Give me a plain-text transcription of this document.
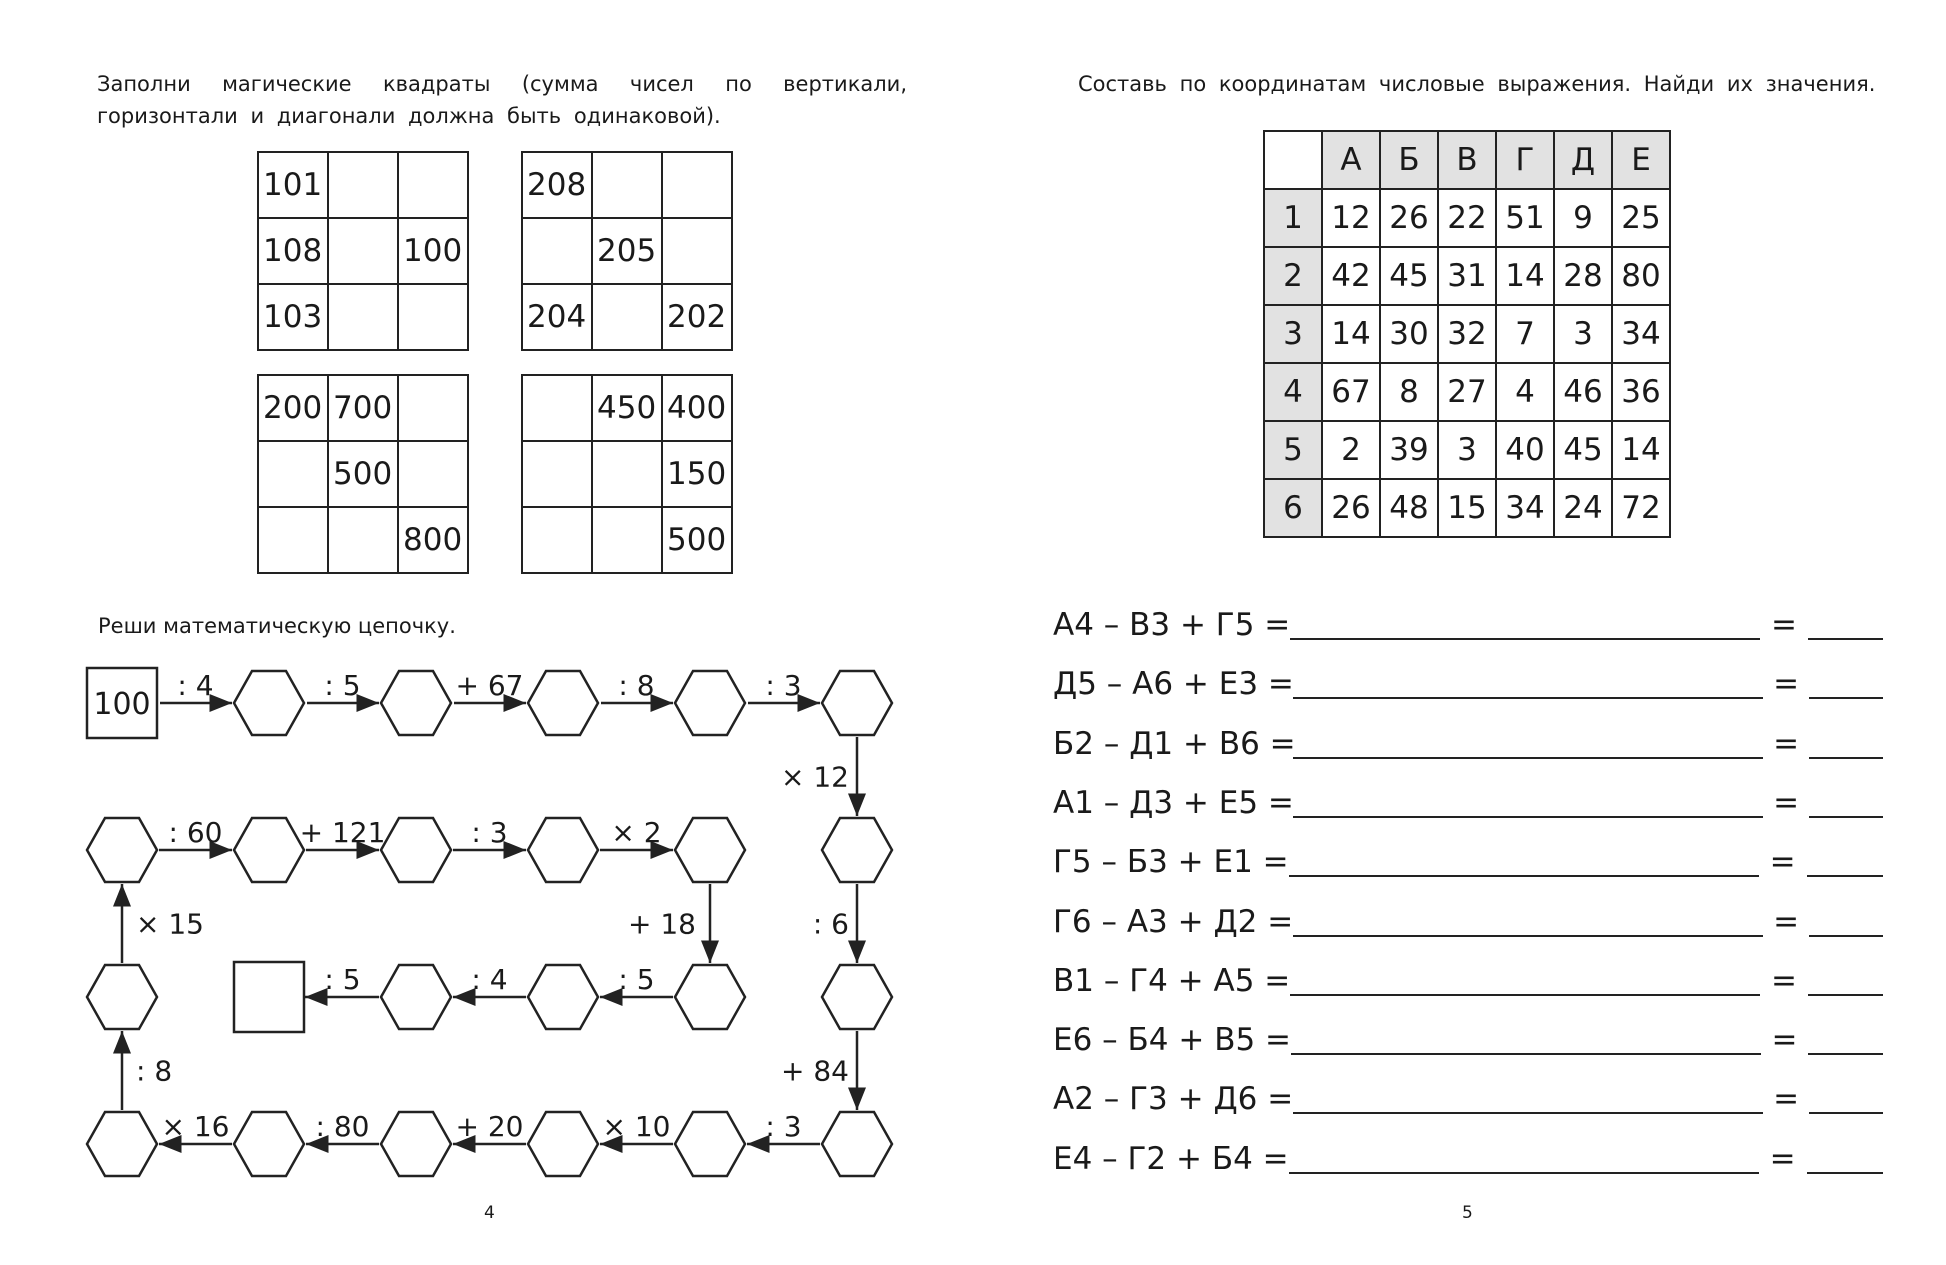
Заполни магические квадраты (сумма чисел по вертикали, горизонтали и диагонали должна быть одинаковой).
101		
108		100
103		
208		
	205	
204		202
200	700	
	500	
		800
	450	400
		150
		500
Реши математическую цепочку.
100
: 4	: 5	+ 67	: 8	: 3
× 12
: 6
+ 84
: 3
× 10
+ 20
: 80
× 16
: 8
× 15
: 60	+ 121	: 3	× 2
+ 18
: 5
: 4
: 5
4
Составь по координатам числовые выражения. Найди их значения.
	А	Б	В	Г	Д	Е
1	12	26	22	51	9	25
2	42	45	31	14	28	80
3	14	30	32	7	3	34
4	67	8	27	4	46	36
5	2	39	3	40	45	14
6	26	48	15	34	24	72
А4 – В3 + Г5 =	=
Д5 – А6 + Е3 =	=
Б2 – Д1 + В6 =	=
А1 – Д3 + Е5 =	=
Г5 – Б3 + Е1 =	=
Г6 – А3 + Д2 =	=
В1 – Г4 + А5 =	=
Е6 – Б4 + В5 =	=
А2 – Г3 + Д6 =	=
Е4 – Г2 + Б4 =	=
5
